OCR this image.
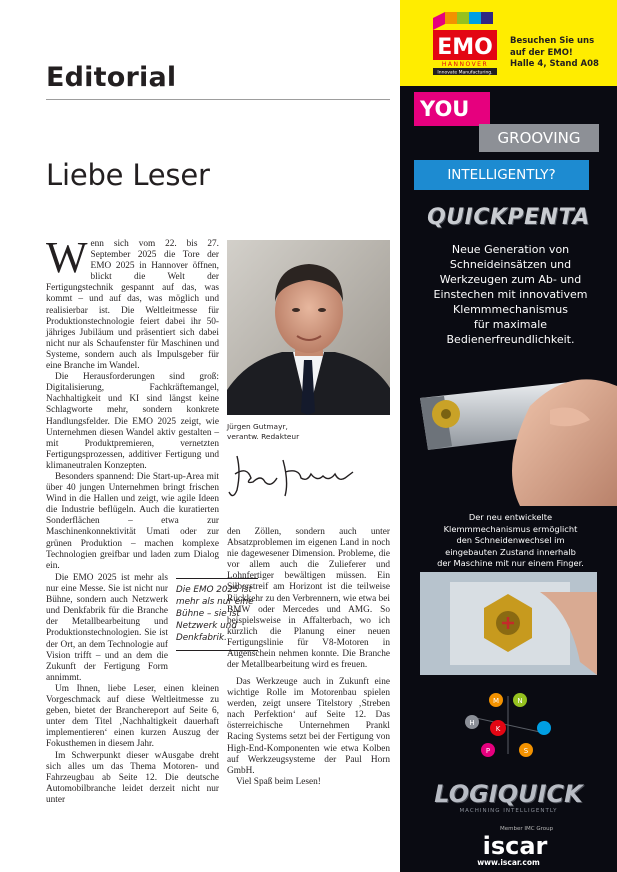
Editorial
Liebe Leser

Wenn sich vom 22. bis 27. September 2025 die Tore der EMO 2025 in Hannover öffnen, blickt die Welt der Fertigungstechnik gespannt auf das, was kommt – und auf das, was möglich und realisierbar ist. Die Weltleitmesse für Produktionstechnologie feiert dabei ihr 50-jähriges Jubiläum und präsentiert sich dabei nicht nur als Schaufenster für Maschinen und Systeme, sondern auch als Impulsgeber für eine Branche im Wandel.

Die Herausforderungen sind groß: Digitalisierung, Fachkräftemangel, Nachhaltigkeit und KI sind längst keine Schlagworte mehr, sondern konkrete Handlungsfelder. Die EMO 2025 zeigt, wie Unternehmen diesen Wandel aktiv gestalten – mit Produktpremieren, vernetzten Fertigungsprozessen, additiver Fertigung und klimaneutralen Konzepten.

Besonders spannend: Die Start-up-Area mit über 40 jungen Unternehmen bringt frischen Wind in die Hallen und zeigt, wie agile Ideen die Industrie beflügeln. Auch die kuratierten Sonderflächen – etwa zur Maschinenkonnektivität Umati oder zur grünen Produktion – machen komplexe Technologien greifbar und laden zum Dialog ein.

Die EMO 2025 ist mehr als nur eine Messe. Sie ist nicht nur Bühne, sondern auch Netzwerk und Denkfabrik für die Branche der Metallbearbeitung und Produktionstechnologien. Sie ist der Ort, an dem Technologie auf Vision trifft – und an dem die Zukunft der Fertigung Form annimmt.

Um Ihnen, liebe Leser, einen kleinen Vorgeschmack auf diese Weltleitmesse zu geben, bietet der Branchereport auf Seite 6, unter dem Titel ‚Nachhaltigkeit dauerhaft implementieren‘ einen kurzen Auszug der Fokusthemen in diesem Jahr.

Im Schwerpunkt dieser wAusgabe dreht sich alles um das Thema Motoren- und Fahrzeugbau ab Seite 12. Die deutsche Automobilbranche leidet derzeit nicht nur unter

Die EMO 2025 ist mehr als nur eine Bühne – sie ist Netzwerk und Denkfabrik.
Jürgen Gutmayr,
verantw. Redakteur

den Zöllen, sondern auch unter Absatzproblemen im eigenen Land in noch nie dagewesener Dimension. Probleme, die vor allem auch die Zulieferer und Lohnfertiger bewältigen müssen. Ein Silberstreif am Horizont ist die teilweise Rückkehr zu den Verbrennern, wie etwa bei BMW oder Mercedes und AMG. So beispielsweise in Affalterbach, wo ich kürzlich die Planung einer neuen Fertigungslinie für V8-Motoren in Augenschein nehmen konnte. Die Branche der Metallbearbeitung wird es freuen.

Das Werkzeuge auch in Zukunft eine wichtige Rolle im Motorenbau spielen werden, zeigt unsere Titelstory ‚Streben nach Perfektion‘ auf Seite 12. Das österreichische Unternehmen Prankl Racing Systems setzt bei der Fertigung von High-End-Komponenten wie etwa Kolben auf Werkzeugsysteme der Paul Horn GmbH.

Viel Spaß beim Lesen!

EMO
HANNOVER
Innovate Manufacturing.
Besuchen Sie uns
auf der EMO!
Halle 4, Stand A08
YOU
GROOVING
INTELLIGENTLY?
QUICKPENTA
Neue Generation von
Schneideinsätzen und
Werkzeugen zum Ab- und
Einstechen mit innovativem
Klemmmechanismus
für maximale
Bedienerfreundlichkeit.
Der neu entwickelte
Klemmmechanismus ermöglicht
den Schneidenwechsel im
eingebauten Zustand innerhalb
der Maschine mit nur einem Finger.
H
M	N
K
P	S
LOGIQUICK
MACHINING INTELLIGENTLY
Member IMC Group
iscar
www.iscar.com
